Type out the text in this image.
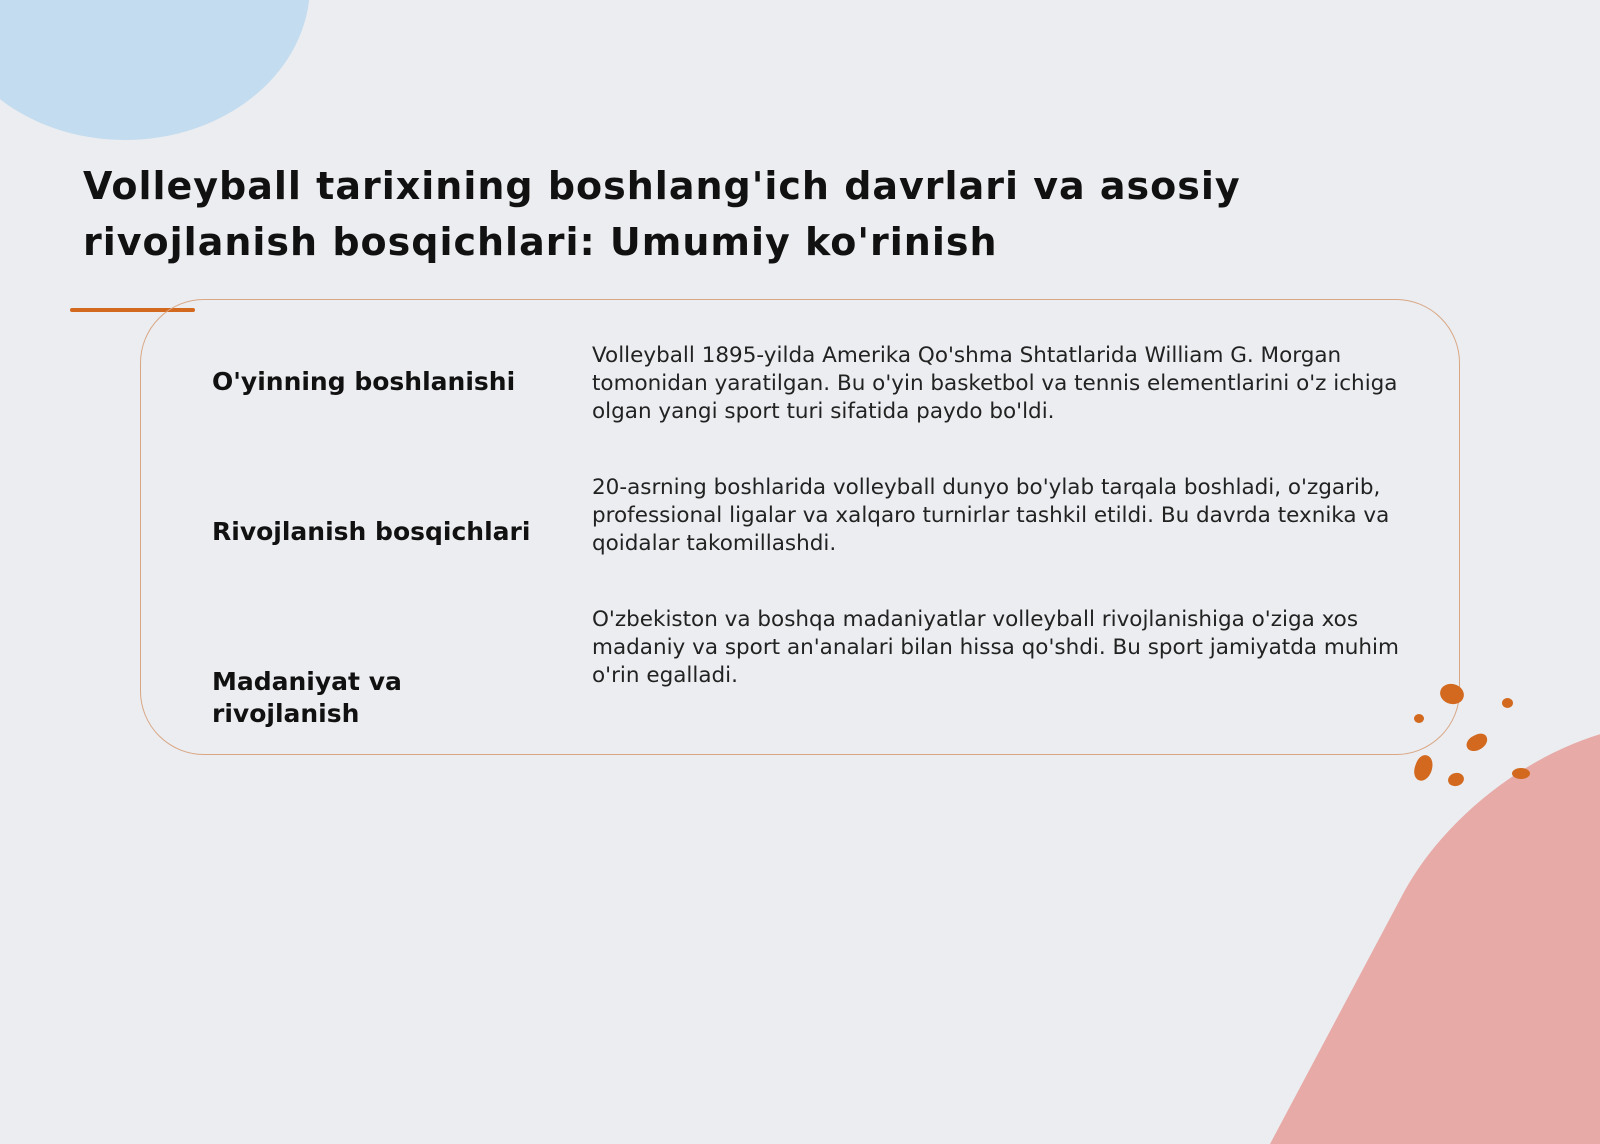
Volleyball tarixining boshlang'ich davrlari va asosiy rivojlanish bosqichlari: Umumiy ko'rinish
O'yinning boshlanishi

Volleyball 1895-yilda Amerika Qo'shma Shtatlarida William G. Morgan tomonidan yaratilgan. Bu o'yin basketbol va tennis elementlarini o'z ichiga olgan yangi sport turi sifatida paydo bo'ldi.

Rivojlanish bosqichlari

20-asrning boshlarida volleyball dunyo bo'ylab tarqala boshladi, o'zgarib, professional ligalar va xalqaro turnirlar tashkil etildi. Bu davrda texnika va qoidalar takomillashdi.

Madaniyat va rivojlanish

O'zbekiston va boshqa madaniyatlar volleyball rivojlanishiga o'ziga xos madaniy va sport an'analari bilan hissa qo'shdi. Bu sport jamiyatda muhim o'rin egalladi.
